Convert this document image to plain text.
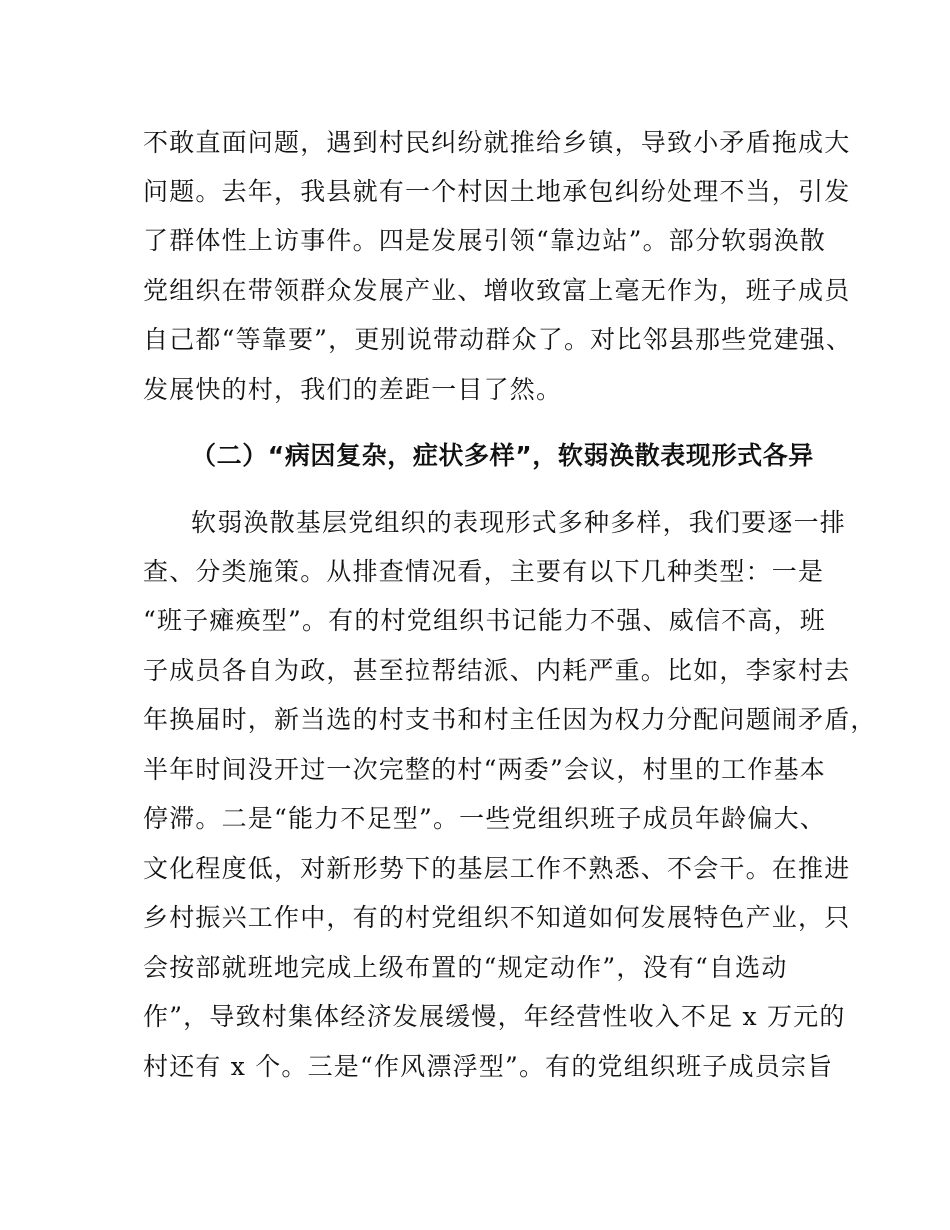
不敢直面问题，遇到村民纠纷就推给乡镇，导致小矛盾拖成大
问题。去年，我县就有一个村因土地承包纠纷处理不当，引发
了群体性上访事件。四是发展引领“靠边站”。部分软弱涣散
党组织在带领群众发展产业、增收致富上毫无作为，班子成员
自己都“等靠要”，更别说带动群众了。对比邻县那些党建强、
发展快的村，我们的差距一目了然。
（二）“病因复杂，症状多样”，软弱涣散表现形式各异
软弱涣散基层党组织的表现形式多种多样，我们要逐一排
查、分类施策。从排查情况看，主要有以下几种类型：一是
“班子瘫痪型”。有的村党组织书记能力不强、威信不高，班
子成员各自为政，甚至拉帮结派、内耗严重。比如，李家村去
年换届时，新当选的村支书和村主任因为权力分配问题闹矛盾，
半年时间没开过一次完整的村“两委”会议，村里的工作基本
停滞。二是“能力不足型”。一些党组织班子成员年龄偏大、
文化程度低，对新形势下的基层工作不熟悉、不会干。在推进
乡村振兴工作中，有的村党组织不知道如何发展特色产业，只
会按部就班地完成上级布置的“规定动作”，没有“自选动
作”，导致村集体经济发展缓慢，年经营性收入不足 x 万元的
村还有 x 个。三是“作风漂浮型”。有的党组织班子成员宗旨
